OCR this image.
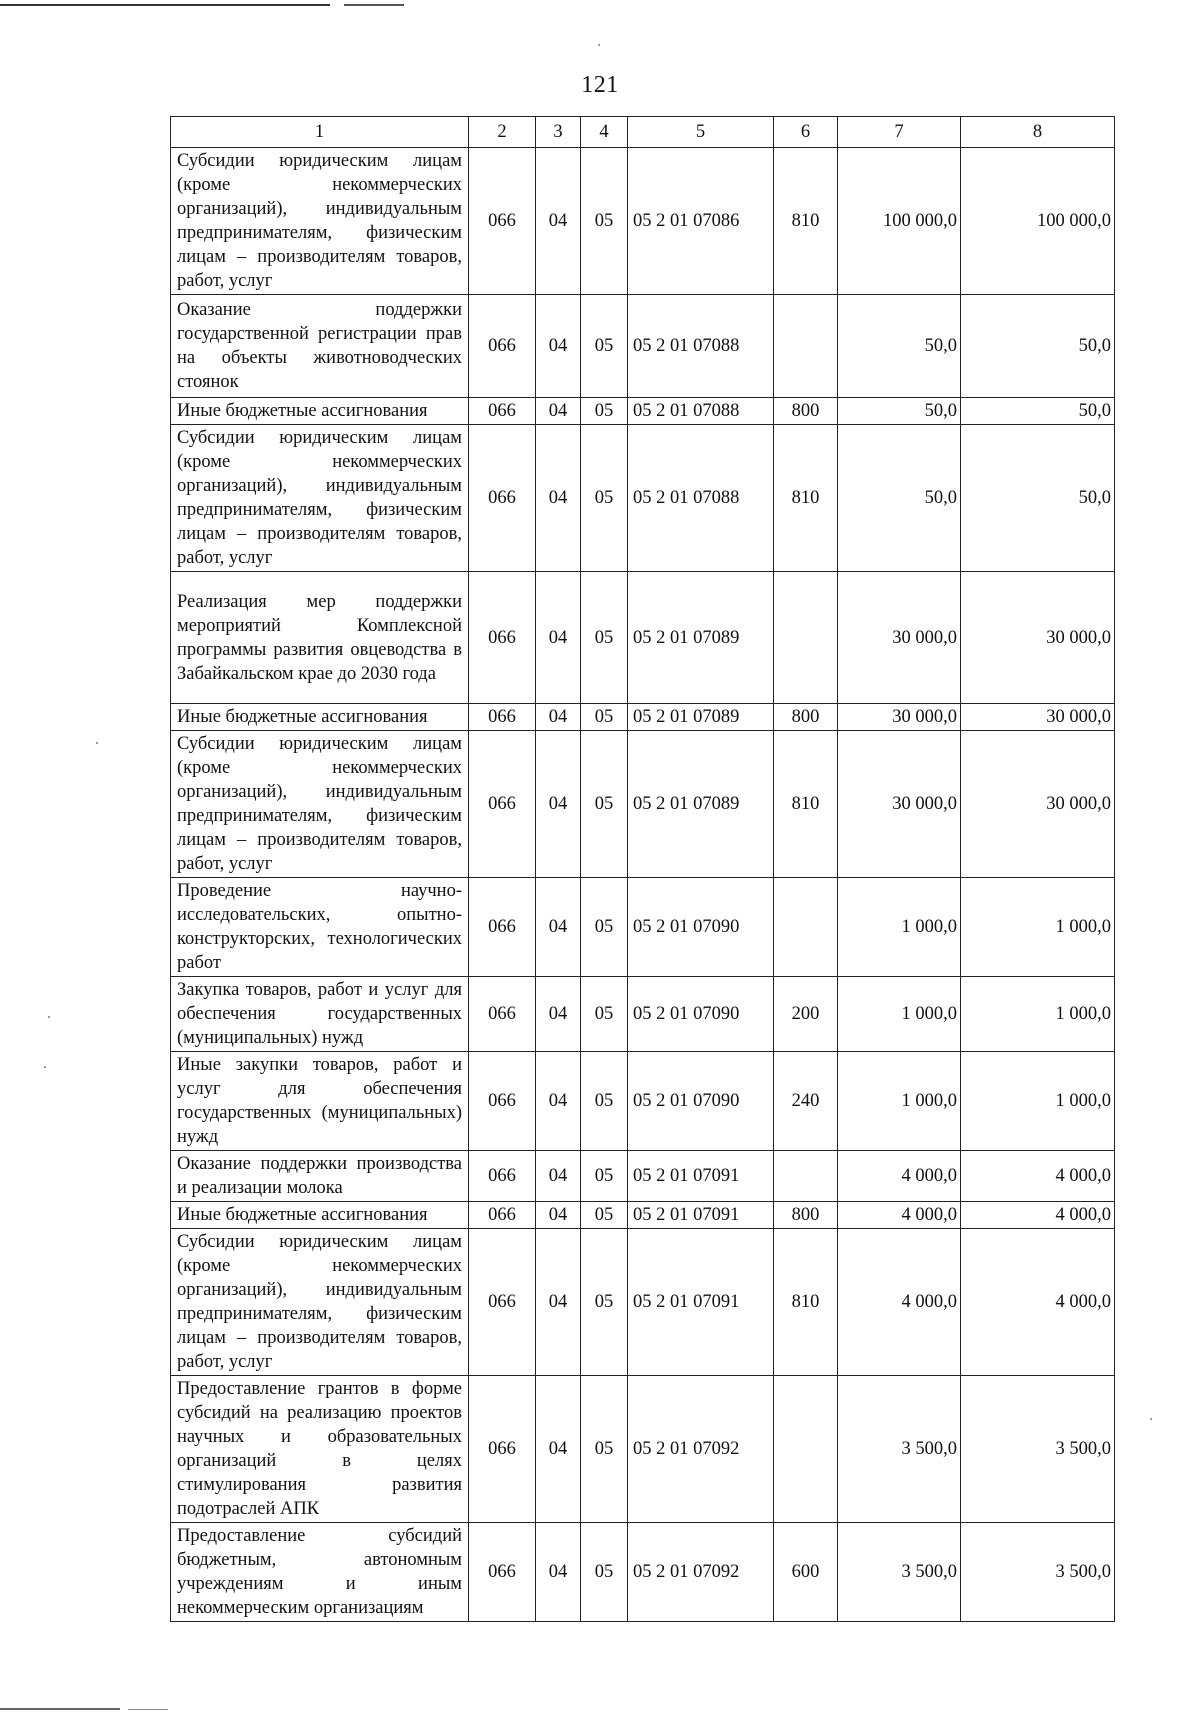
121
1	2	3	4	5	6	7	8
Субсидии юридическим лицам (кроме некоммерческих организаций), индивидуальным предпринимателям, физическим лицам – производителям товаров, работ, услуг	066	04	05	05 2 01 07086	810	100 000,0	100 000,0
Оказание поддержки государственной регистрации прав на объекты животноводческих стоянок	066	04	05	05 2 01 07088		50,0	50,0
Иные бюджетные ассигнования	066	04	05	05 2 01 07088	800	50,0	50,0
Субсидии юридическим лицам (кроме некоммерческих организаций), индивидуальным предпринимателям, физическим лицам – производителям товаров, работ, услуг	066	04	05	05 2 01 07088	810	50,0	50,0
Реализация мер поддержки мероприятий Комплексной программы развития овцеводства в Забайкальском крае до 2030 года	066	04	05	05 2 01 07089		30 000,0	30 000,0
Иные бюджетные ассигнования	066	04	05	05 2 01 07089	800	30 000,0	30 000,0
Субсидии юридическим лицам (кроме некоммерческих организаций), индивидуальным предпринимателям, физическим лицам – производителям товаров, работ, услуг	066	04	05	05 2 01 07089	810	30 000,0	30 000,0
Проведение научно-исследовательских, опытно-конструкторских, технологических работ	066	04	05	05 2 01 07090		1 000,0	1 000,0
Закупка товаров, работ и услуг для обеспечения государственных (муниципальных) нужд	066	04	05	05 2 01 07090	200	1 000,0	1 000,0
Иные закупки товаров, работ и услуг для обеспечения государственных (муниципальных) нужд	066	04	05	05 2 01 07090	240	1 000,0	1 000,0
Оказание поддержки производства и реализации молока	066	04	05	05 2 01 07091		4 000,0	4 000,0
Иные бюджетные ассигнования	066	04	05	05 2 01 07091	800	4 000,0	4 000,0
Субсидии юридическим лицам (кроме некоммерческих организаций), индивидуальным предпринимателям, физическим лицам – производителям товаров, работ, услуг	066	04	05	05 2 01 07091	810	4 000,0	4 000,0
Предоставление грантов в форме субсидий на реализацию проектов научных и образовательных организаций в целях стимулирования развития подотраслей АПК	066	04	05	05 2 01 07092		3 500,0	3 500,0
Предоставление субсидий бюджетным, автономным учреждениям и иным некоммерческим организациям	066	04	05	05 2 01 07092	600	3 500,0	3 500,0
